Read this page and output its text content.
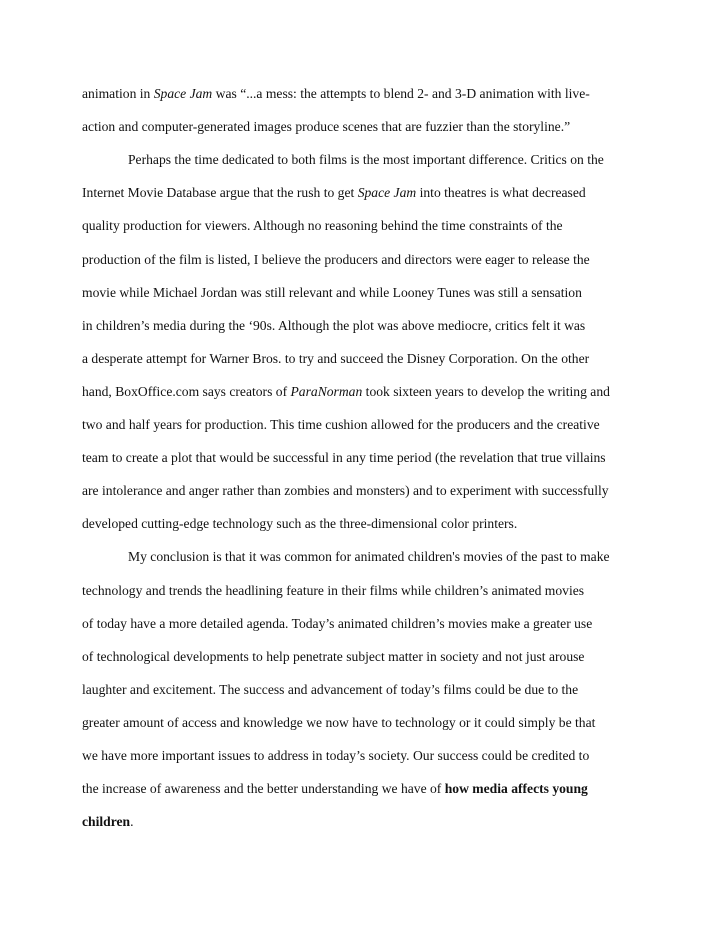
animation in Space Jam was “...a mess: the attempts to blend 2- and 3-D animation with live-
action and computer-generated images produce scenes that are fuzzier than the storyline.”
Perhaps the time dedicated to both films is the most important difference. Critics on the
Internet Movie Database argue that the rush to get Space Jam into theatres is what decreased
quality production for viewers. Although no reasoning behind the time constraints of the
production of the film is listed, I believe the producers and directors were eager to release the
movie while Michael Jordan was still relevant and while Looney Tunes was still a sensation
in children’s media during the ‘90s. Although the plot was above mediocre, critics felt it was
a desperate attempt for Warner Bros. to try and succeed the Disney Corporation. On the other
hand, BoxOffice.com says creators of ParaNorman took sixteen years to develop the writing and
two and half years for production. This time cushion allowed for the producers and the creative
team to create a plot that would be successful in any time period (the revelation that true villains
are intolerance and anger rather than zombies and monsters) and to experiment with successfully
developed cutting-edge technology such as the three-dimensional color printers.
My conclusion is that it was common for animated children's movies of the past to make
technology and trends the headlining feature in their films while children’s animated movies
of today have a more detailed agenda. Today’s animated children’s movies make a greater use
of technological developments to help penetrate subject matter in society and not just arouse
laughter and excitement. The success and advancement of today’s films could be due to the
greater amount of access and knowledge we now have to technology or it could simply be that
we have more important issues to address in today’s society. Our success could be credited to
the increase of awareness and the better understanding we have of how media affects young
children.
